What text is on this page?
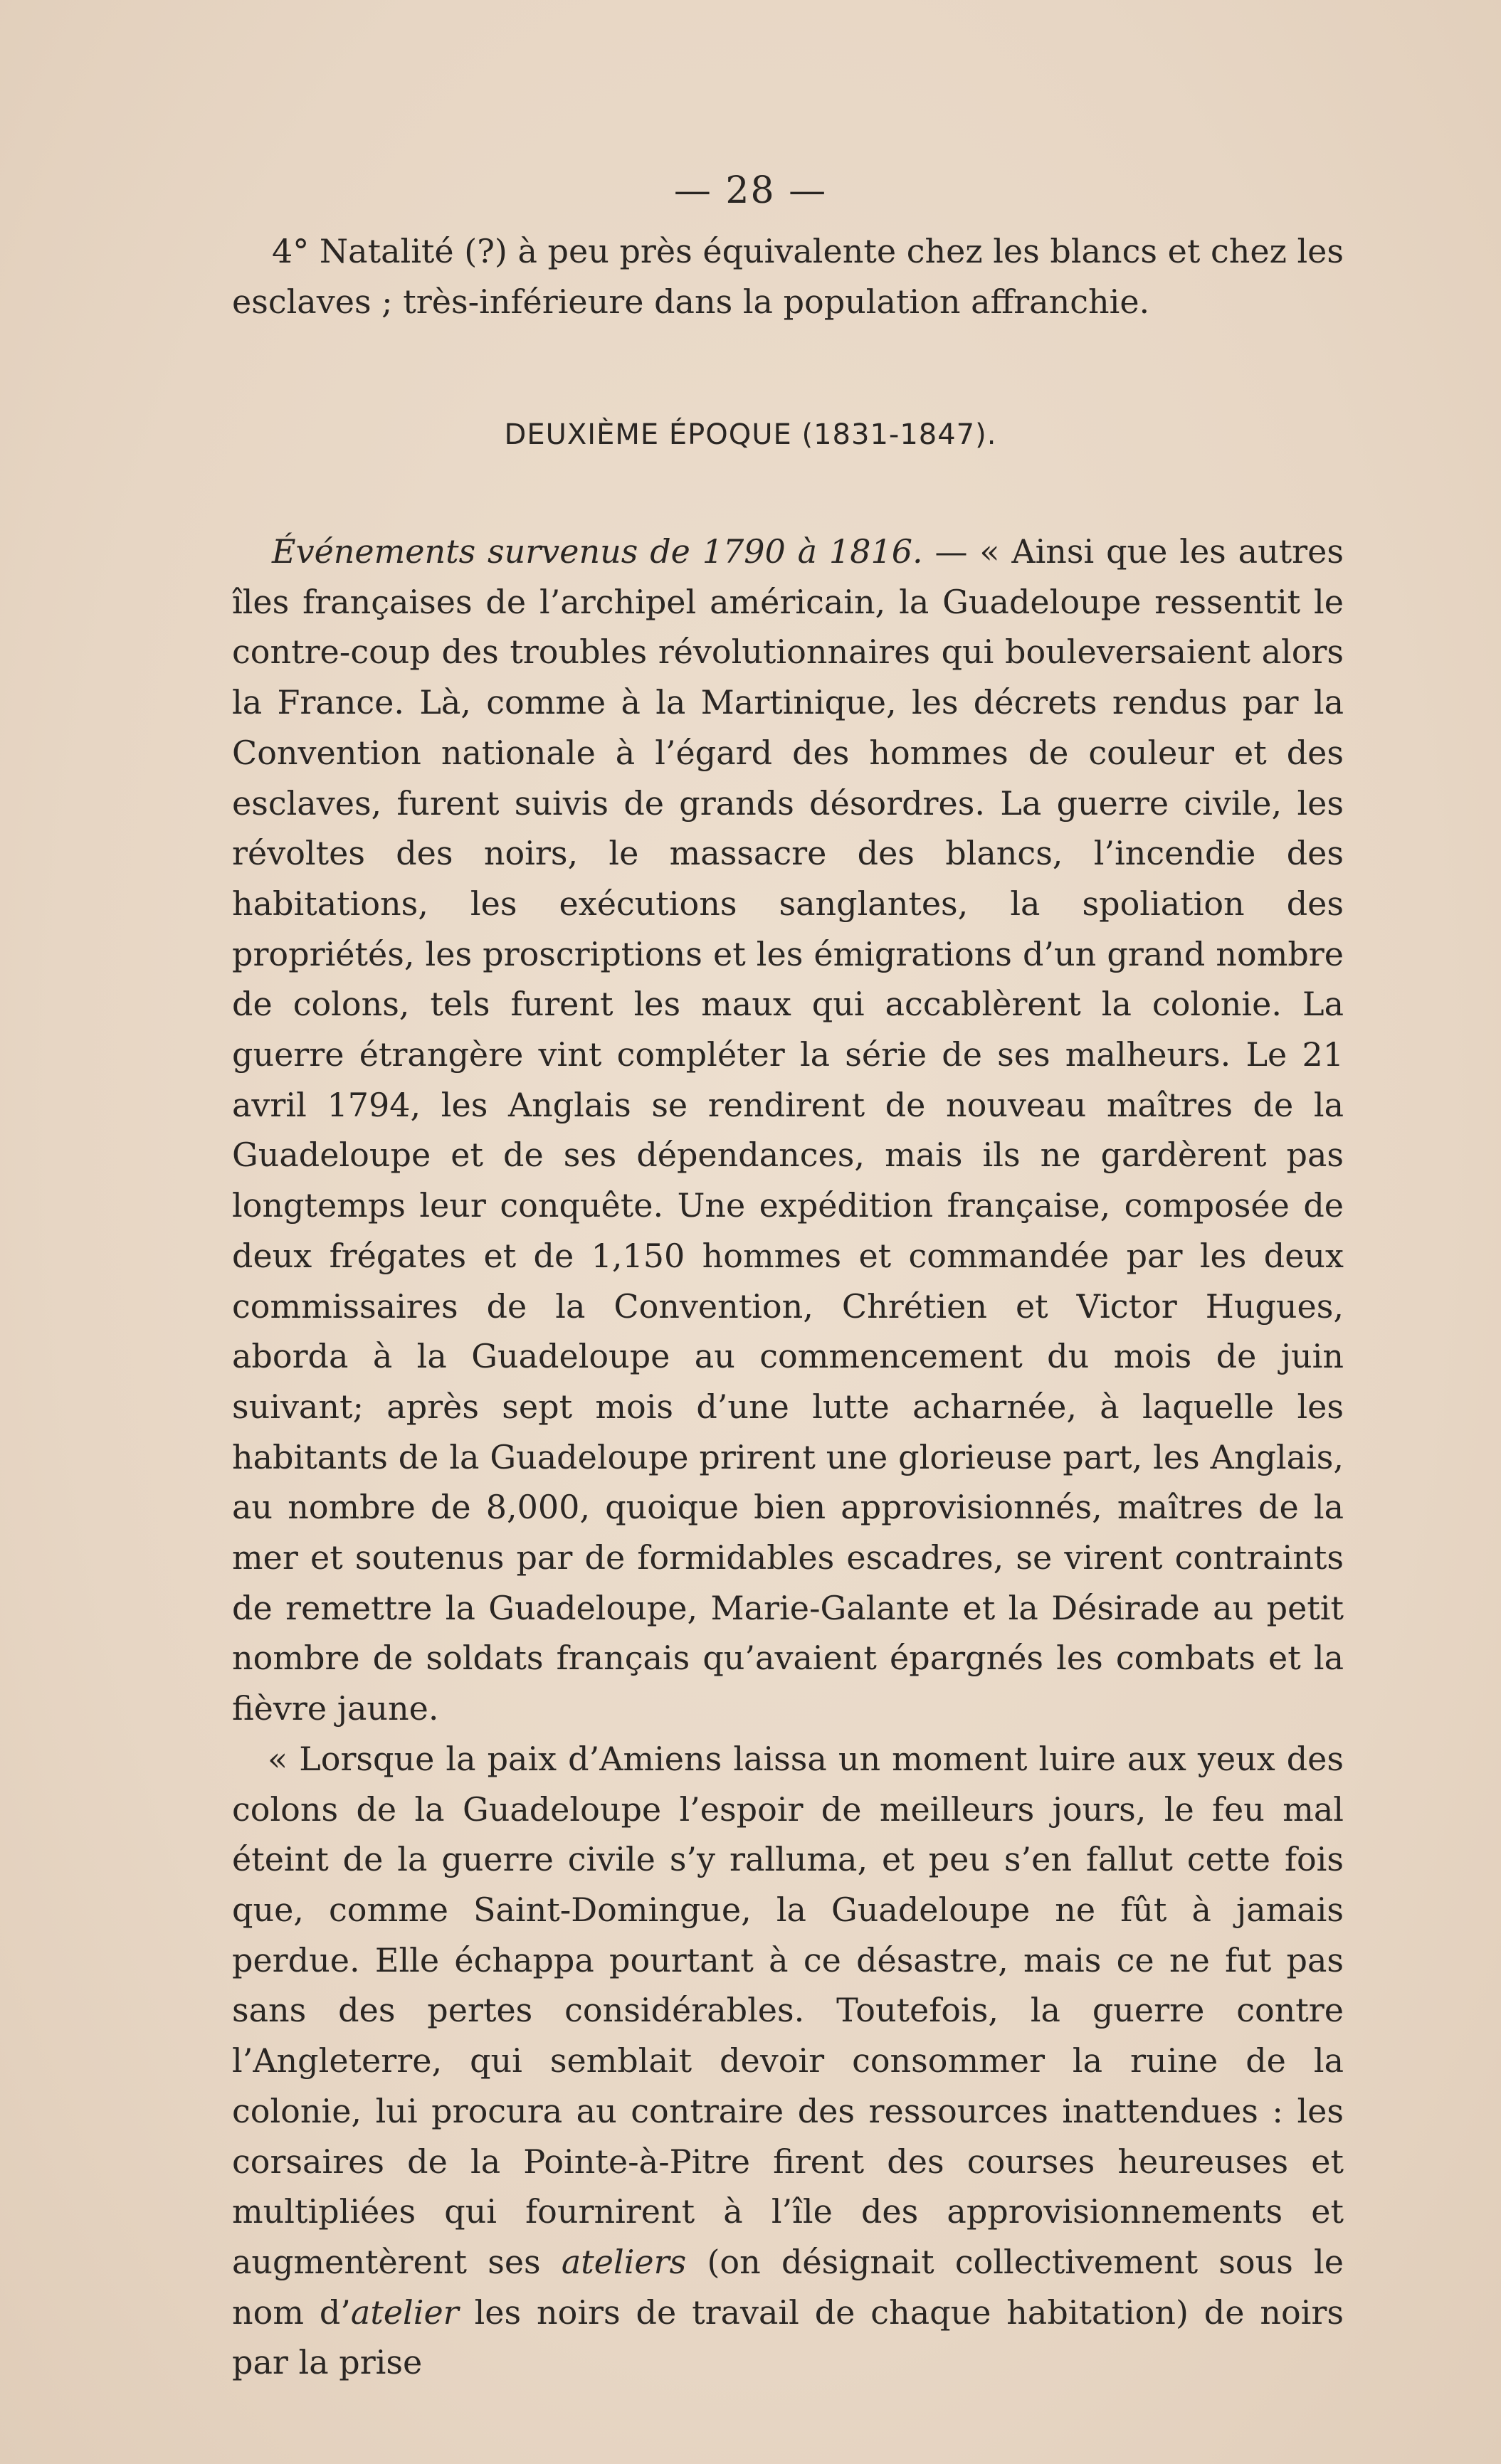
— 28 —
4° Natalité (?) à peu près équivalente chez les blancs et chez les esclaves ; très-inférieure dans la population affranchie.
DEUXIÈME ÉPOQUE (1831-1847).

Événements survenus de 1790 à 1816. — « Ainsi que les autres îles françaises de l’archipel américain, la Guadeloupe ressentit le contre-coup des troubles révolutionnaires qui bouleversaient alors la France. Là, comme à la Martinique, les décrets rendus par la Convention nationale à l’égard des hommes de couleur et des esclaves, furent suivis de grands désordres. La guerre civile, les révoltes des noirs, le massacre des blancs, l’incendie des habitations, les exécutions sanglantes, la spoliation des propriétés, les proscriptions et les émigrations d’un grand nombre de colons, tels furent les maux qui accablèrent la colonie. La guerre étrangère vint compléter la série de ses malheurs. Le 21 avril 1794, les Anglais se rendirent de nouveau maîtres de la Guadeloupe et de ses dépendances, mais ils ne gardèrent pas longtemps leur conquête. Une expédition française, composée de deux frégates et de 1,150 hommes et commandée par les deux commissaires de la Convention, Chrétien et Victor Hugues, aborda à la Guadeloupe au commencement du mois de juin suivant; après sept mois d’une lutte acharnée, à laquelle les habitants de la Guadeloupe prirent une glorieuse part, les Anglais, au nombre de 8,000, quoique bien approvisionnés, maîtres de la mer et soutenus par de formidables escadres, se virent contraints de remettre la Guadeloupe, Marie-Galante et la Désirade au petit nombre de soldats français qu’avaient épargnés les combats et la fièvre jaune.

« Lorsque la paix d’Amiens laissa un moment luire aux yeux des colons de la Guadeloupe l’espoir de meilleurs jours, le feu mal éteint de la guerre civile s’y ralluma, et peu s’en fallut cette fois que, comme Saint-Domingue, la Guadeloupe ne fût à jamais perdue. Elle échappa pourtant à ce désastre, mais ce ne fut pas sans des pertes considérables. Toutefois, la guerre contre l’Angleterre, qui semblait devoir consommer la ruine de la colonie, lui procura au contraire des ressources inattendues : les corsaires de la Pointe-à-Pitre firent des courses heureuses et multipliées qui fournirent à l’île des approvisionnements et augmentèrent ses ateliers (on désignait collectivement sous le nom d’atelier les noirs de travail de chaque habitation) de noirs par la prise
